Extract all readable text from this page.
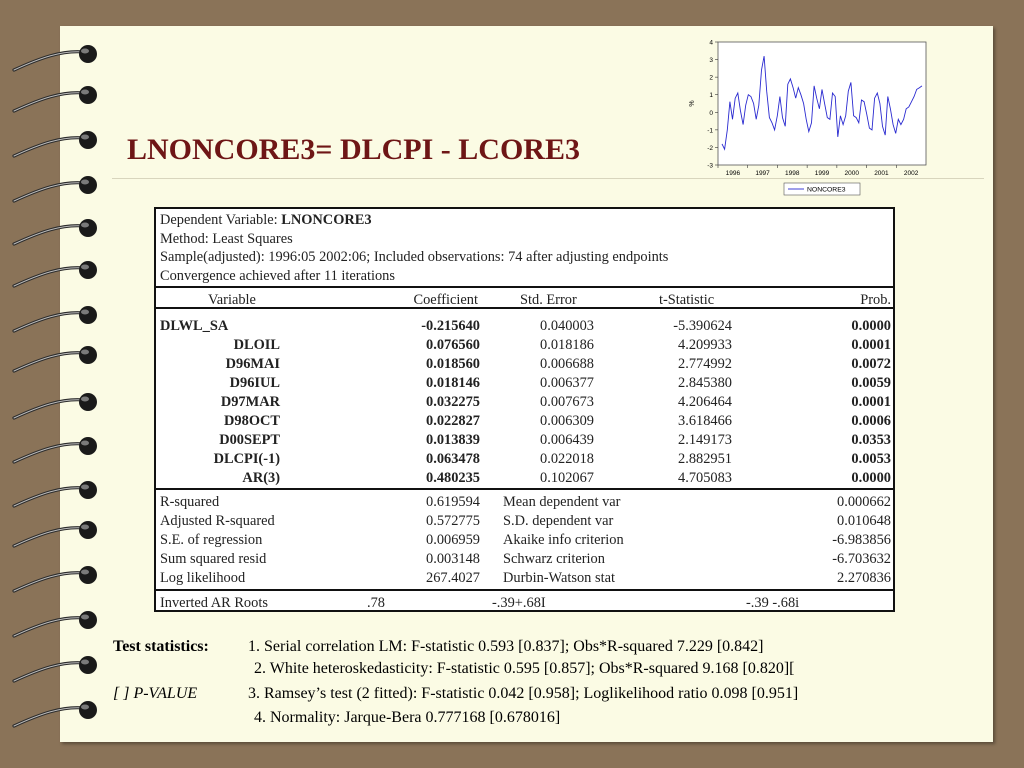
LNONCORE3= DLCPI - LCORE3
4
3
2
1
0
-1
-2
-3
1996 1997 1998 1999 2000 2001 2002
%
NONCORE3
Dependent Variable: LNONCORE3
Method: Least Squares
Sample(adjusted): 1996:05 2002:06; Included observations: 74 after adjusting endpoints
Convergence achieved after 11 iterations
Variable	Coefficient	Std. Error	t-Statistic	Prob.
DLWL_SA	-0.215640	0.040003	-5.390624	0.0000
DLOIL	0.076560	0.018186	4.209933	0.0001
D96MAI	0.018560	0.006688	2.774992	0.0072
D96IUL	0.018146	0.006377	2.845380	0.0059
D97MAR	0.032275	0.007673	4.206464	0.0001
D98OCT	0.022827	0.006309	3.618466	0.0006
D00SEPT	0.013839	0.006439	2.149173	0.0353
DLCPI(-1)	0.063478	0.022018	2.882951	0.0053
AR(3)	0.480235	0.102067	4.705083	0.0000
R-squared	0.619594 Mean dependent var	0.000662
Adjusted R-squared	0.572775 S.D. dependent var	0.010648
S.E. of regression	0.006959 Akaike info criterion	-6.983856
Sum squared resid	0.003148 Schwarz criterion	-6.703632
Log likelihood	267.4027 Durbin-Watson stat	2.270836
Inverted AR Roots	.78	-.39+.68I	-.39 -.68i
Test statistics: 1. Serial correlation LM: F-statistic 0.593 [0.837]; Obs*R-squared 7.229 [0.842]
2. White heteroskedasticity: F-statistic 0.595 [0.857]; Obs*R-squared 9.168 [0.820][
[ ] P-VALUE	3. Ramsey’s test (2 fitted): F-statistic 0.042 [0.958]; Loglikelihood ratio 0.098 [0.951]
4. Normality: Jarque-Bera 0.777168 [0.678016]
